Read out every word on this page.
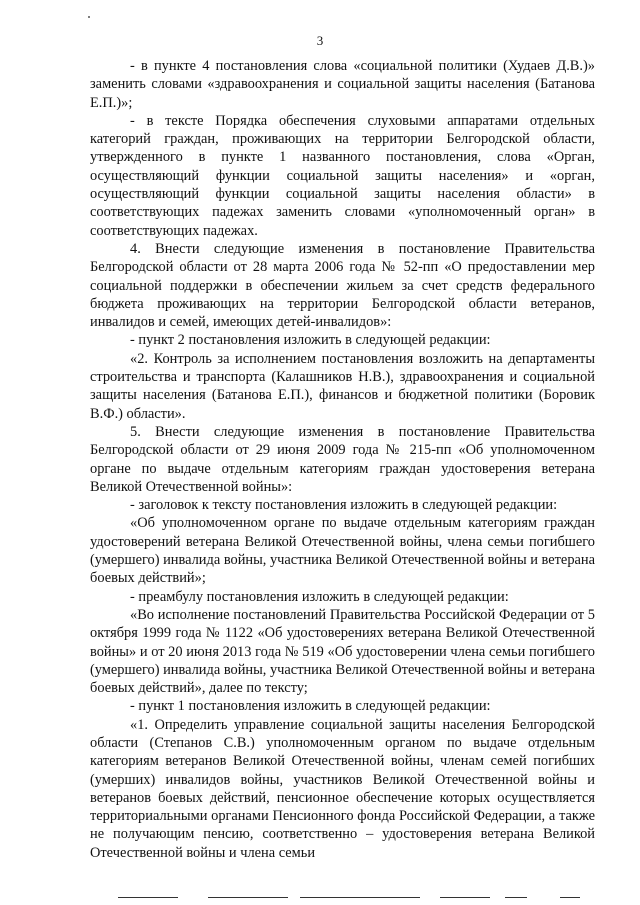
3

- в пункте 4 постановления слова «социальной политики (Худаев Д.В.)» заменить словами «здравоохранения и социальной защиты населения (Батанова Е.П.)»;

- в тексте Порядка обеспечения слуховыми аппаратами отдельных категорий граждан, проживающих на территории Белгородской области, утвержденного в пункте 1 названного постановления, слова «Орган, осуществляющий функции социальной защиты населения» и «орган, осуществляющий функции социальной защиты населения области» в соответствующих падежах заменить словами «уполномоченный орган» в соответствующих падежах.

4. Внести следующие изменения в постановление Правительства Белгородской области от 28 марта 2006 года № 52-пп «О предоставлении мер социальной поддержки в обеспечении жильем за счет средств федерального бюджета проживающих на территории Белгородской области ветеранов, инвалидов и семей, имеющих детей-инвалидов»:

- пункт 2 постановления изложить в следующей редакции:

«2. Контроль за исполнением постановления возложить на департаменты строительства и транспорта (Калашников Н.В.), здравоохранения и социальной защиты населения (Батанова Е.П.), финансов и бюджетной политики (Боровик В.Ф.) области».

5. Внести следующие изменения в постановление Правительства Белгородской области от 29 июня 2009 года № 215-пп «Об уполномоченном органе по выдаче отдельным категориям граждан удостоверения ветерана Великой Отечественной войны»:

- заголовок к тексту постановления изложить в следующей редакции:

«Об уполномоченном органе по выдаче отдельным категориям граждан удостоверений ветерана Великой Отечественной войны, члена семьи погибшего (умершего) инвалида войны, участника Великой Отечественной войны и ветерана боевых действий»;

- преамбулу постановления изложить в следующей редакции:

«Во исполнение постановлений Правительства Российской Федерации от 5 октября 1999 года № 1122 «Об удостоверениях ветерана Великой Отечественной войны» и от 20 июня 2013 года № 519 «Об удостоверении члена семьи погибшего (умершего) инвалида войны, участника Великой Отечественной войны и ветерана боевых действий», далее по тексту;

- пункт 1 постановления изложить в следующей редакции:

«1. Определить управление социальной защиты населения Белгородской области (Степанов С.В.) уполномоченным органом по выдаче отдельным категориям ветеранов Великой Отечественной войны, членам семей погибших (умерших) инвалидов войны, участников Великой Отечественной войны и ветеранов боевых действий, пенсионное обеспечение которых осуществляется территориальными органами Пенсионного фонда Российской Федерации, а также не получающим пенсию, соответственно – удостоверения ветерана Великой Отечественной войны и члена семьи
